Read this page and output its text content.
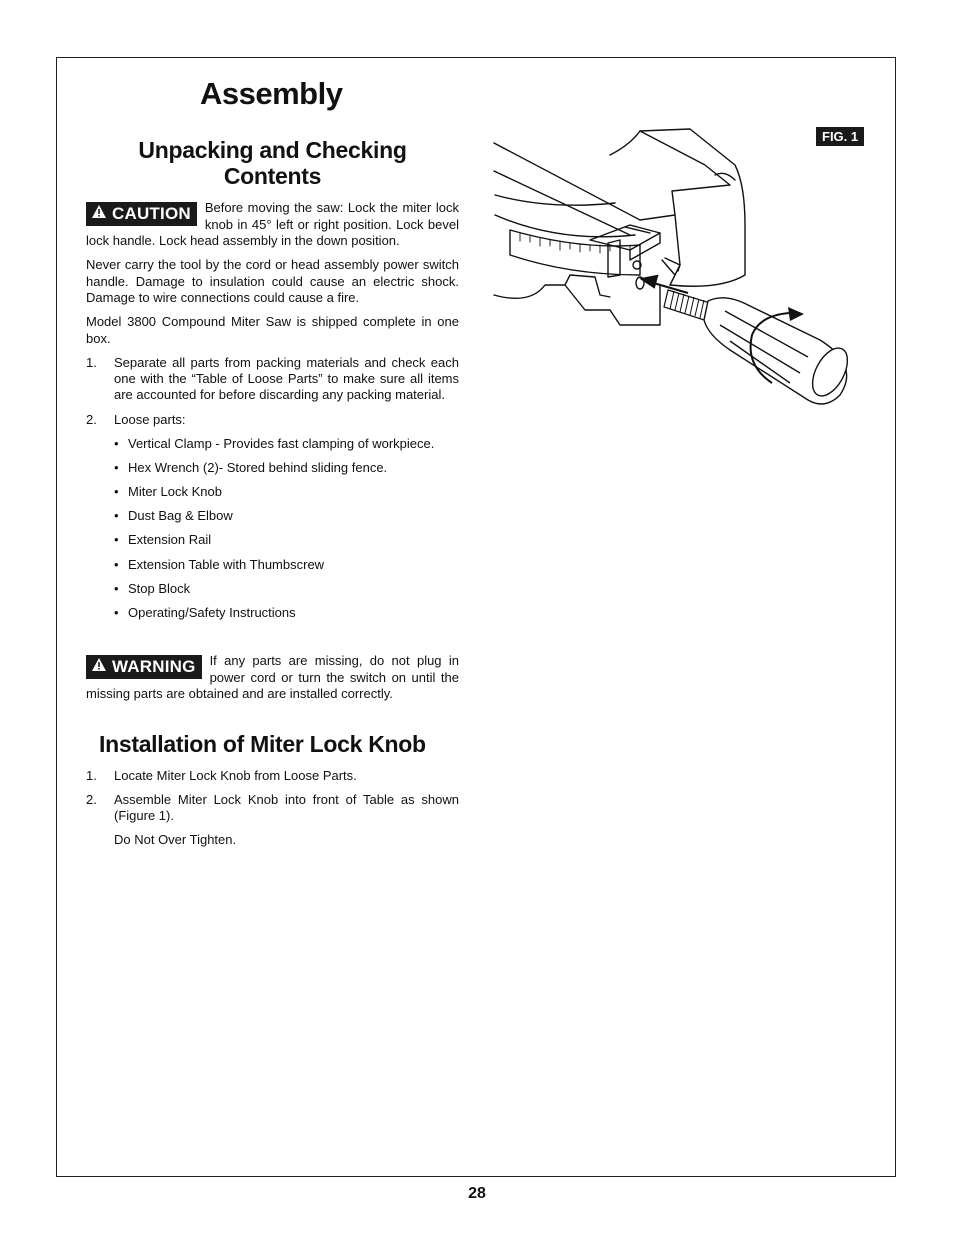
Assembly
Unpacking and Checking
Contents
CAUTION Before moving the saw: Lock the miter lock knob in 45° left or right position. Lock bevel lock handle. Lock head assembly in the down position.
Never carry the tool by the cord or head assembly power switch handle. Damage to insulation could cause an electric shock. Damage to wire connections could cause a fire.
Model 3800 Compound Miter Saw is shipped complete in one box.
1. Separate all parts from packing materials and check each one with the “Table of Loose Parts” to make sure all items are accounted for before discarding any packing material.
2. Loose parts:
• Vertical Clamp - Provides fast clamping of workpiece.
• Hex Wrench (2)- Stored behind sliding fence.
• Miter Lock Knob
• Dust Bag & Elbow
• Extension Rail
• Extension Table with Thumbscrew
• Stop Block
• Operating/Safety Instructions
WARNING If any parts are missing, do not plug in power cord or turn the switch on until the missing parts are obtained and are installed correctly.
Installation of Miter Lock Knob
1. Locate Miter Lock Knob from Loose Parts.
2. Assemble Miter Lock Knob into front of Table as shown (Figure 1).
Do Not Over Tighten.
FIG. 1
28
